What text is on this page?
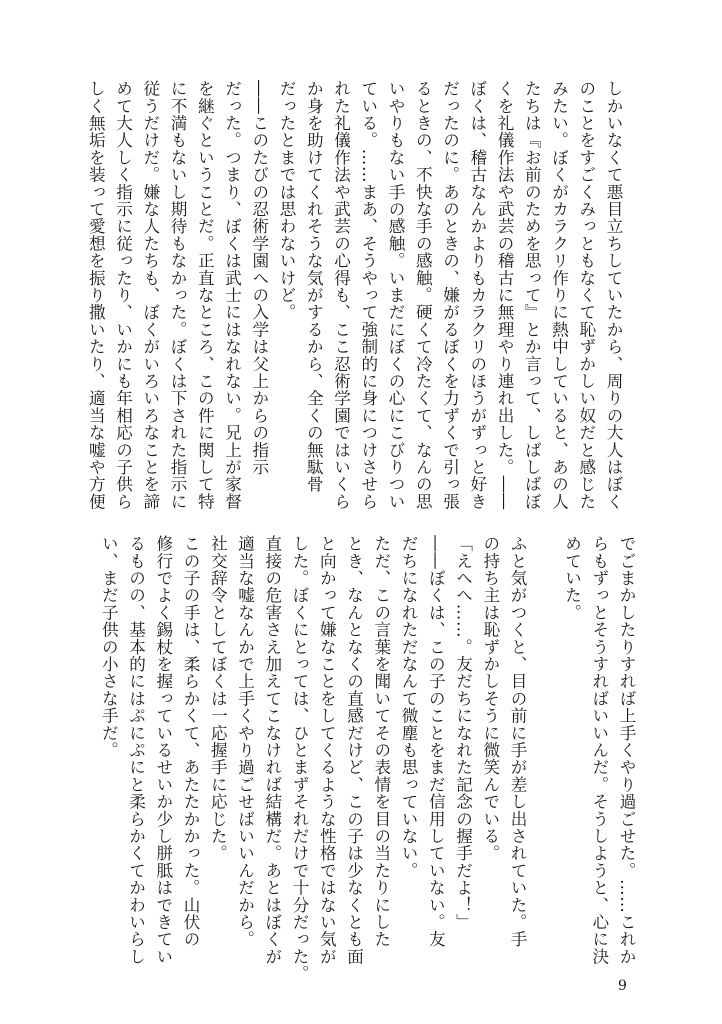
しかいなくて悪目立ちしていたから、周りの大人はぼく

のことをすごくみっともなくて恥ずかしい奴だと感じた

みたい。ぼくがカラクリ作りに熱中していると、あの人

たちは『お前のためを思って』とか言って、しばしばぼ

くを礼儀作法や武芸の稽古に無理やり連れ出した。――

ぼくは、稽古なんかよりもカラクリのほうがずっと好き

だったのに。あのときの、嫌がるぼくを力ずくで引っ張

るときの、不快な手の感触。硬くて冷たくて、なんの思

いやりもない手の感触。いまだにぼくの心にこびりつい

ている。……まあ、そうやって強制的に身につけさせら

れた礼儀作法や武芸の心得も、ここ忍術学園ではいくら

か身を助けてくれそうな気がするから、全くの無駄骨

だったとまでは思わないけど。

――このたびの忍術学園への入学は父上からの指示

だった。つまり、ぼくは武士にはなれない。兄上が家督

を継ぐということだ。正直なところ、この件に関して特

に不満もないし期待もなかった。ぼくは下された指示に

従うだけだ。嫌な人たちも、ぼくがいろいろなことを諦

めて大人しく指示に従ったり、いかにも年相応の子供ら

しく無垢を装って愛想を振り撒いたり、適当な嘘や方便

でごまかしたりすれば上手くやり過ごせた。……これか

らもずっとそうすればいいんだ。そうしようと、心に決

めていた。

ふと気がつくと、目の前に手が差し出されていた。手

の持ち主は恥ずかしそうに微笑んでいる。

「えへへ……。友だちになれた記念の握手だよ！」

――ぼくは、この子のことをまだ信用していない。友

だちになれただなんて微塵も思っていない。

ただ、この言葉を聞いてその表情を目の当たりにした

とき、なんとなくの直感だけど、この子は少なくとも面

と向かって嫌なことをしてくるような性格ではない気が

した。ぼくにとっては、ひとまずそれだけで十分だった。

直接の危害さえ加えてこなければ結構だ。あとはぼくが

適当な嘘なんかで上手くやり過ごせばいいんだから。

社交辞令としてぼくは一応握手に応じた。

この子の手は、柔らかくて、あたたかかった。山伏の

修行でよく錫杖を握っているせいか少し胼胝はできてい

るものの、基本的にはぷにぷにと柔らかくてかわいらし

い、まだ子供の小さな手だ。

9
